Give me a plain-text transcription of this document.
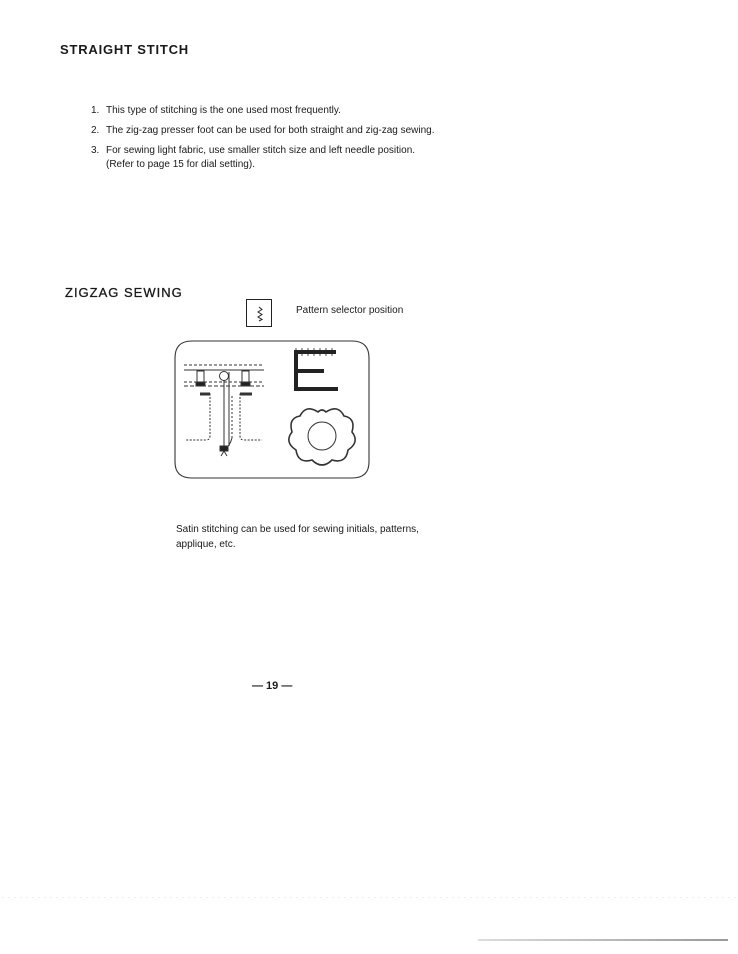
STRAIGHT STITCH
1. This type of stitching is the one used most frequently.
2. The zig-zag presser foot can be used for both straight and zig-zag sewing.
3. For sewing light fabric, use smaller stitch size and left needle position.
(Refer to page 15 for dial setting).
ZIGZAG SEWING
Pattern selector position

Satin stitching can be used for sewing initials, patterns, applique, etc.

— 19 —
